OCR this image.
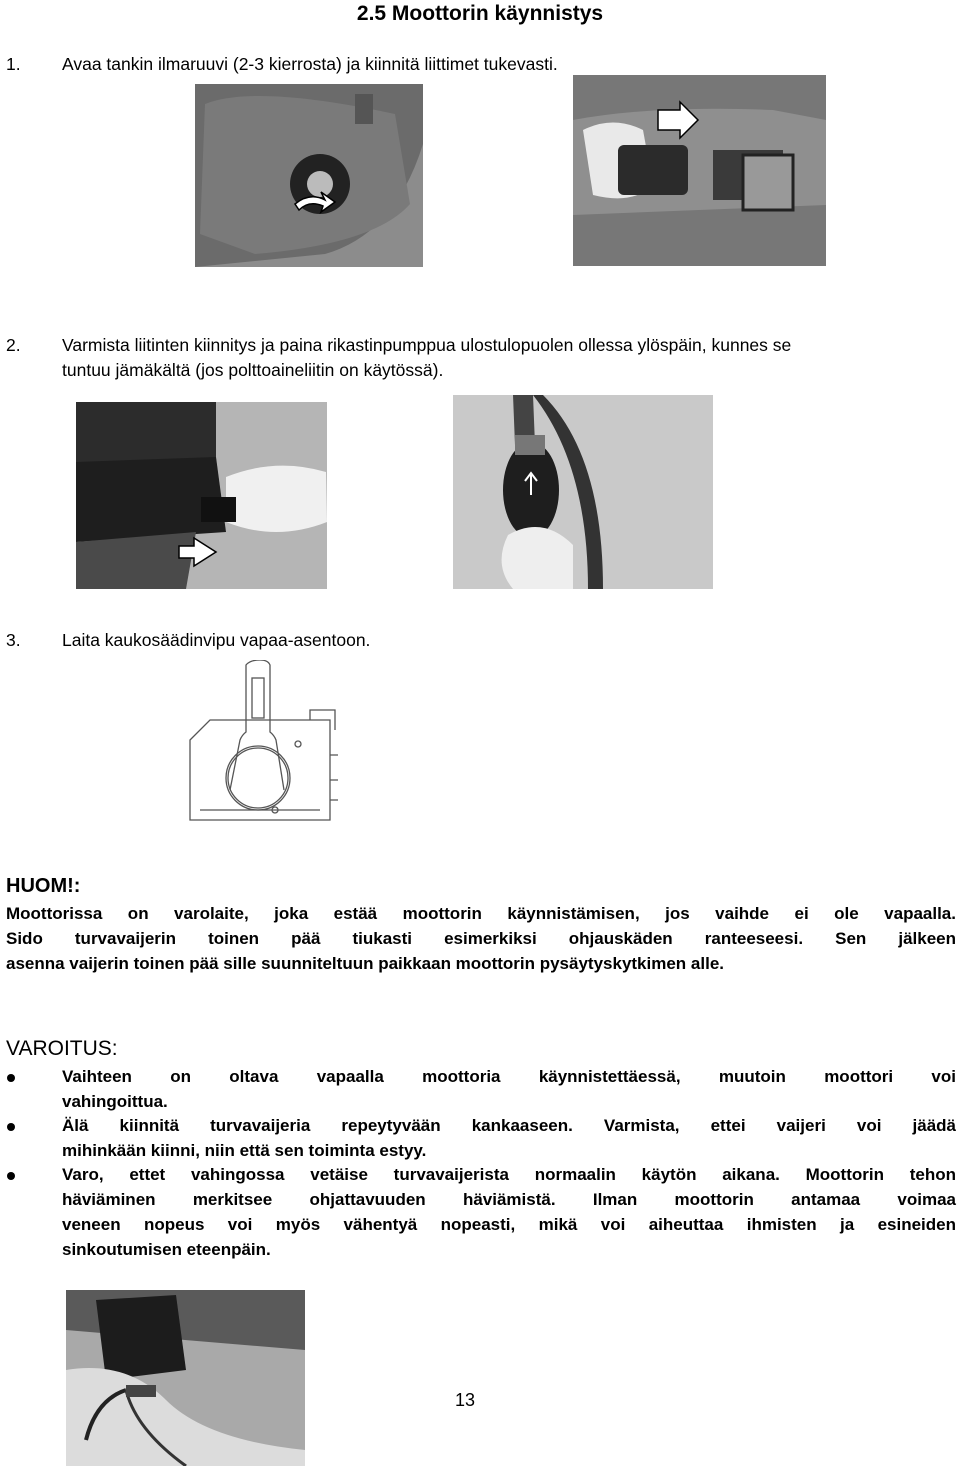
2.5 Moottorin käynnistys
1. Avaa tankin ilmaruuvi (2-3 kierrosta) ja kiinnitä liittimet tukevasti.
2. Varmista liitinten kiinnitys ja paina rikastinpumppua ulostulopuolen ollessa ylöspäin, kunnes se
tuntuu jämäkältä (jos polttoaineliitin on käytössä).
3. Laita kaukosäädinvipu vapaa-asentoon.
HUOM!:
Moottorissa on varolaite, joka estää moottorin käynnistämisen, jos vaihde ei ole vapaalla.
Sido turvavaijerin toinen pää tiukasti esimerkiksi ohjauskäden ranteeseesi. Sen jälkeen
asenna vaijerin toinen pää sille suunniteltuun paikkaan moottorin pysäytyskytkimen alle.
VAROITUS:
Vaihteen on oltava vapaalla moottoria käynnistettäessä, muutoin moottori voi
vahingoittua.
Älä kiinnitä turvavaijeria repeytyvään kankaaseen. Varmista, ettei vaijeri voi jäädä
mihinkään kiinni, niin että sen toiminta estyy.
Varo, ettet vahingossa vetäise turvavaijerista normaalin käytön aikana. Moottorin tehon
häviäminen merkitsee ohjattavuuden häviämistä. Ilman moottorin antamaa voimaa
veneen nopeus voi myös vähentyä nopeasti, mikä voi aiheuttaa ihmisten ja esineiden
sinkoutumisen eteenpäin.
13
